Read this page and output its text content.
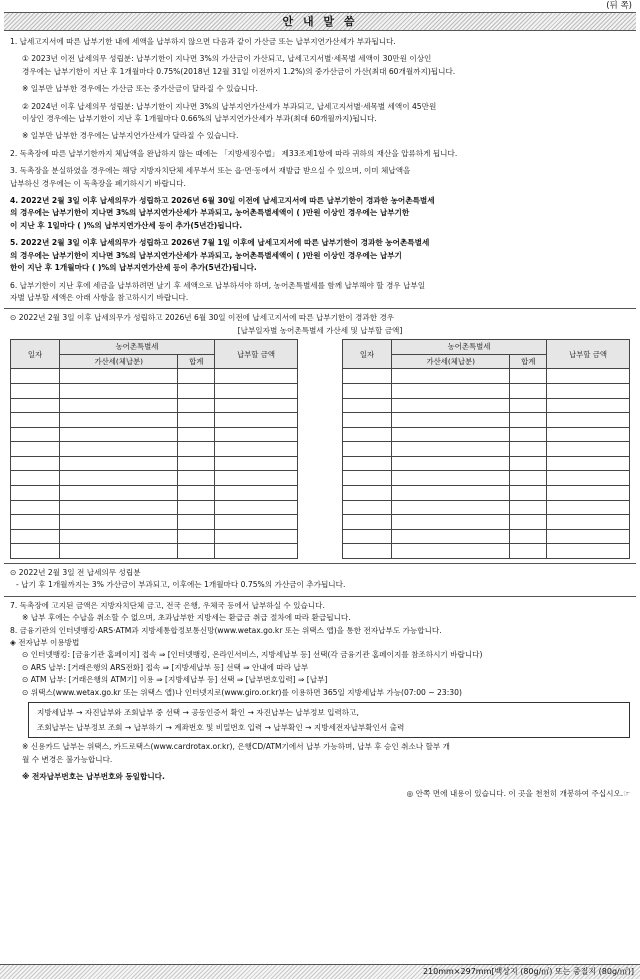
(뒤 쪽)
안 내 말 씀

1. 납세고지서에 따른 납부기한 내에 세액을 납부하지 않으면 다음과 같이 가산금 또는 납부지연가산세가 부과됩니다.

① 2023년 이전 납세의무 성립분: 납부기한이 지나면 3%의 가산금이 가산되고, 납세고지서별·세목별 세액이 30만원 이상인

경우에는 납부기한이 지난 후 1개월마다 0.75%(2018년 12월 31일 이전까지 1.2%)의 중가산금이 가산(최대 60개월까지)됩니다.

※ 일부만 납부한 경우에는 가산금 또는 중가산금이 달라질 수 있습니다.

② 2024년 이후 납세의무 성립분: 납부기한이 지나면 3%의 납부지연가산세가 부과되고, 납세고지서별·세목별 세액이 45만원

이상인 경우에는 납부기한이 지난 후 1개월마다 0.66%의 납부지연가산세가 부과(최대 60개월까지)됩니다.

※ 일부만 납부한 경우에는 납부지연가산세가 달라질 수 있습니다.

2. 독촉장에 따른 납부기한까지 체납액을 완납하지 않는 때에는 「지방세징수법」 제33조제1항에 따라 귀하의 재산을 압류하게 됩니다.

3. 독촉장을 분실하였을 경우에는 해당 지방자치단체 세무부서 또는 읍·면·동에서 재발급 받으실 수 있으며, 이미 체납액을

납부하신 경우에는 이 독촉장을 폐기하시기 바랍니다.

4. 2022년 2월 3일 이후 납세의무가 성립하고 2026년 6월 30일 이전에 납세고지서에 따른 납부기한이 경과한 농어촌특별세

의 경우에는 납부기한이 지나면 3%의 납부지연가산세가 부과되고, 농어촌특별세액이 ( )만원 이상인 경우에는 납부기한

이 지난 후 1일마다 ( )%의 납부지연가산세 등이 추가(5년간)됩니다.

5. 2022년 2월 3일 이후 납세의무가 성립하고 2026년 7월 1일 이후에 납세고지서에 따른 납부기한이 경과한 농어촌특별세

의 경우에는 납부기한이 지나면 3%의 납부지연가산세가 부과되고, 농어촌특별세액이 ( )만원 이상인 경우에는 납부기

한이 지난 후 1개월마다 ( )%의 납부지연가산세 등이 추가(5년간)됩니다.

6. 납부기한이 지난 후에 세금을 납부하려면 날기 후 세액으로 납부하셔야 하며, 농어촌특별세를 함께 납부해야 할 경우 납부일

자별 납부할 세액은 아래 사항을 참고하시기 바랍니다.

⊙ 2022년 2월 3일 이후 납세의무가 성립하고 2026년 6월 30일 이전에 납세고지서에 따른 납부기한이 경과한 경우

[납부일자별 농어촌특별세 가산세 및 납부할 금액]

일자	농어촌특별세		납부할 금액
	가산세(체납분)	합계	

일자	농어촌특별세		납부할 금액
	가산세(체납분)	합계	

⊙ 2022년 2월 3일 전 납세의무 성립분

- 납기 후 1개월까지는 3% 가산금이 부과되고, 이후에는 1개월마다 0.75%의 가산금이 추가됩니다.

7. 독촉장에 고지된 금액은 지방자치단체 금고, 전국 은행, 우체국 등에서 납부하실 수 있습니다.

※ 납부 후에는 수납을 취소할 수 없으며, 초과납부한 지방세는 환급금 취급 절차에 따라 환급됩니다.

8. 금융기관의 인터넷뱅킹·ARS·ATM과 지방세통합정보통신망(www.wetax.go.kr 또는 위택스 앱)을 통한 전자납부도 가능합니다.

◈ 전자납부 이용방법

⊙ 인터넷뱅킹: [금융기관 홈페이지] 접속 ⇒ [인터넷뱅킹, 온라인서비스, 지방세납부 등] 선택(각 금융기관 홈페이지를 참조하시기 바랍니다)

⊙ ARS 납부: [거래은행의 ARS전화] 접속 ⇒ [지방세납부 등] 선택 ⇒ 안내에 따라 납부

⊙ ATM 납부: [거래은행의 ATM기] 이용 ⇒ [지방세납부 등] 선택 ⇒ [납부번호입력] ⇒ [납부]

⊙ 위택스(www.wetax.go.kr 또는 위택스 앱)나 인터넷지로(www.giro.or.kr)를 이용하면 365일 지방세납부 가능(07:00 ~ 23:30)

지방세납부 → 자진납부와 조회납부 중 선택 → 공동인증서 확인 → 자진납부는 납부정보 입력하고,

조회납부는 납부정보 조회 → 납부하기 → 계좌번호 및 비밀번호 입력 → 납부확인 → 지방세전자납부확인서 출력

※ 신용카드 납부는 위택스, 카드로택스(www.cardrotax.or.kr), 은행CD/ATM기에서 납부 가능하며, 납부 후 승인 취소나 할부 개

월 수 변경은 불가능합니다.

※ 전자납부번호는 납부번호와 동일합니다.

◎ 안쪽 면에 내용이 있습니다. 이 곳을 천천히 개봉하여 주십시오.☞

210mm×297mm[백상지 (80g/㎡) 또는 중질지 (80g/㎡)]
